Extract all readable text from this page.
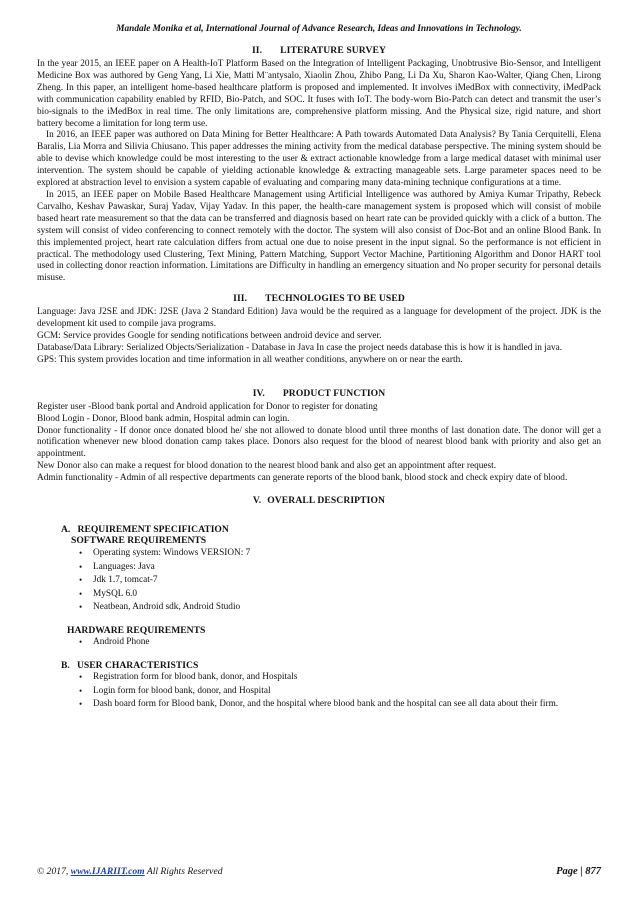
Mandale Monika et al, International Journal of Advance Research, Ideas and Innovations in Technology.
II. LITERATURE SURVEY

In the year 2015, an IEEE paper on A Health-IoT Platform Based on the Integration of Intelligent Packaging, Unobtrusive Bio-Sensor, and Intelligent Medicine Box was authored by Geng Yang, Li Xie, Matti M¨antysalo, Xiaolin Zhou, Zhibo Pang, Li Da Xu, Sharon Kao-Walter, Qiang Chen, Lirong Zheng. In this paper, an intelligent home-based healthcare platform is proposed and implemented. It involves iMedBox with connectivity, iMedPack with communication capability enabled by RFID, Bio-Patch, and SOC. It fuses with IoT. The body-worn Bio-Patch can detect and transmit the user’s bio-signals to the iMedBox in real time. The only limitations are, comprehensive platform missing. And the Physical size, rigid nature, and short battery become a limitation for long term use.

In 2016, an IEEE paper was authored on Data Mining for Better Healthcare: A Path towards Automated Data Analysis? By Tania Cerquitelli, Elena Baralis, Lia Morra and Silivia Chiusano. This paper addresses the mining activity from the medical database perspective. The mining system should be able to devise which knowledge could be most interesting to the user & extract actionable knowledge from a large medical dataset with minimal user intervention. The system should be capable of yielding actionable knowledge & extracting manageable sets. Large parameter spaces need to be explored at abstraction level to envision a system capable of evaluating and comparing many data-mining technique configurations at a time.

In 2015, an IEEE paper on Mobile Based Healthcare Management using Artificial Intelligence was authored by Amiya Kumar Tripathy, Rebeck Carvalho, Keshav Pawaskar, Suraj Yadav, Vijay Yadav. In this paper, the health-care management system is proposed which will consist of mobile based heart rate measurement so that the data can be transferred and diagnosis based on heart rate can be provided quickly with a click of a button. The system will consist of video conferencing to connect remotely with the doctor. The system will also consist of Doc-Bot and an online Blood Bank. In this implemented project, heart rate calculation differs from actual one due to noise present in the input signal. So the performance is not efficient in practical. The methodology used Clustering, Text Mining, Pattern Matching, Support Vector Machine, Partitioning Algorithm and Donor HART tool used in collecting donor reaction information. Limitations are Difficulty in handling an emergency situation and No proper security for personal details misuse.

III. TECHNOLOGIES TO BE USED

Language: Java J2SE and JDK: J2SE (Java 2 Standard Edition) Java would be the required as a language for development of the project. JDK is the development kit used to compile java programs.

GCM: Service provides Google for sending notifications between android device and server.

Database/Data Library: Serialized Objects/Serialization - Database in Java In case the project needs database this is how it is handled in java.

GPS: This system provides location and time information in all weather conditions, anywhere on or near the earth.

IV. PRODUCT FUNCTION

Register user -Blood bank portal and Android application for Donor to register for donating

Blood Login - Donor, Blood bank admin, Hospital admin can login.

Donor functionality - If donor once donated blood he/ she not allowed to donate blood until three months of last donation date. The donor will get a notification whenever new blood donation camp takes place. Donors also request for the blood of nearest blood bank with priority and also get an appointment.

New Donor also can make a request for blood donation to the nearest blood bank and also get an appointment after request.

Admin functionality - Admin of all respective departments can generate reports of the blood bank, blood stock and check expiry date of blood.

V. OVERALL DESCRIPTION
A.   REQUIREMENT SPECIFICATION
SOFTWARE REQUIREMENTS
• Operating system: Windows VERSION: 7
• Languages: Java
• Jdk 1.7, tomcat-7
• MySQL 6.0
• Neatbean, Android sdk, Android Studio
HARDWARE REQUIREMENTS
• Android Phone
B.   USER CHARACTERISTICS
• Registration form for blood bank, donor, and Hospitals
• Login form for blood bank, donor, and Hospital
• Dash board form for Blood bank, Donor, and the hospital where blood bank and the hospital can see all data about their firm.
© 2017, www.IJARIIT.com All Rights Reserved	Page | 877
